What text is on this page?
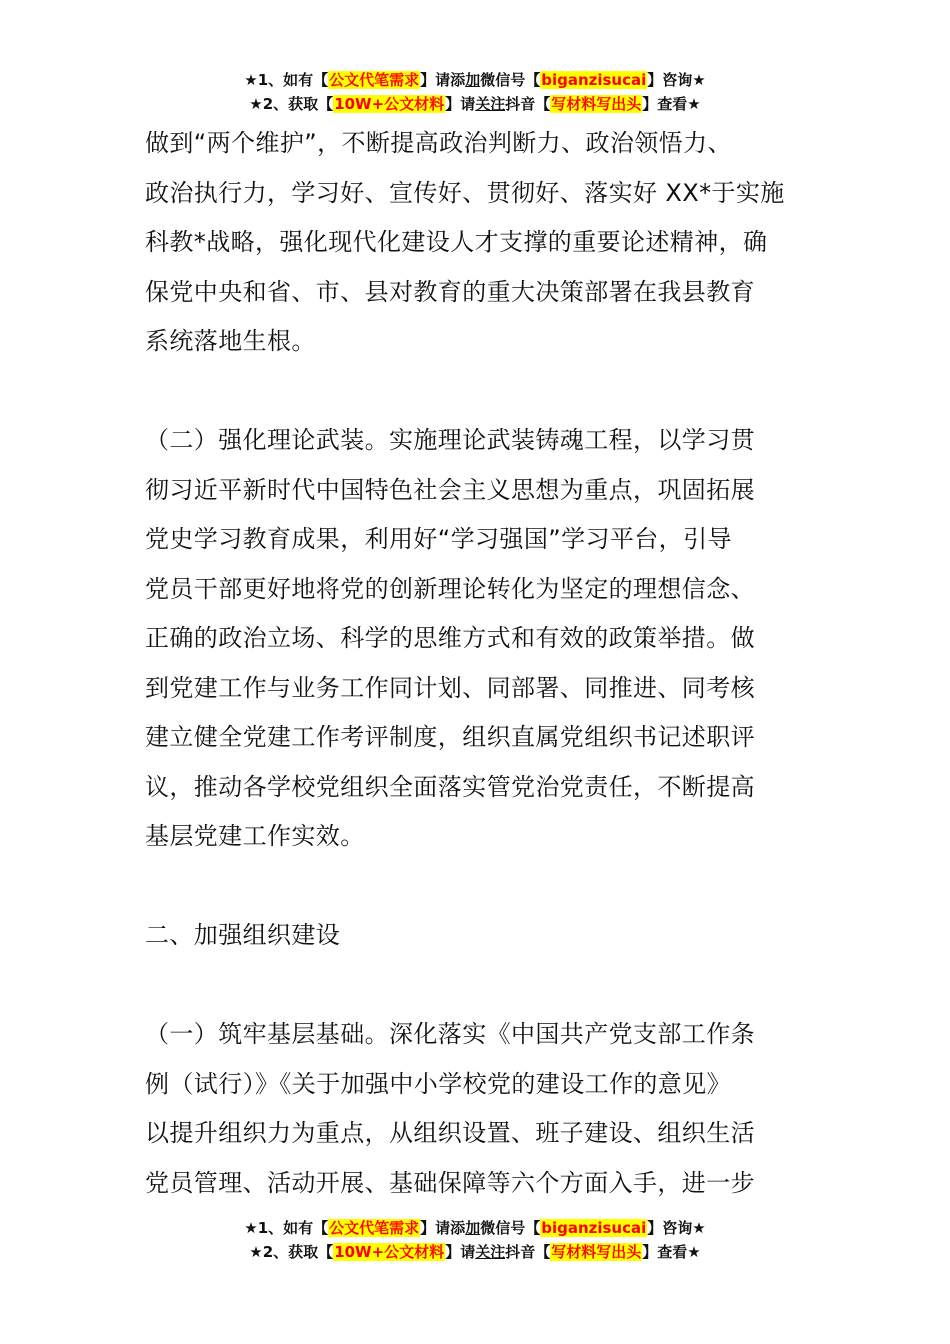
★1、如有【公文代笔需求】请添加微信号【biganzisucai】咨询★
★2、获取【10W+公文材料】请关注抖音【写材料写出头】查看★
做到“两个维护”，不断提高政治判断力、政治领悟力、
政治执行力，学习好、宣传好、贯彻好、落实好 XX*于实施
科教*战略，强化现代化建设人才支撑的重要论述精神，确
保党中央和省、市、县对教育的重大决策部署在我县教育
系统落地生根。
（二）强化理论武装。实施理论武装铸魂工程，以学习贯
彻习近平新时代中国特色社会主义思想为重点，巩固拓展
党史学习教育成果，利用好“学习强国”学习平台，引导
党员干部更好地将党的创新理论转化为坚定的理想信念、
正确的政治立场、科学的思维方式和有效的政策举措。做
到党建工作与业务工作同计划、同部署、同推进、同考核
建立健全党建工作考评制度，组织直属党组织书记述职评
议，推动各学校党组织全面落实管党治党责任，不断提高
基层党建工作实效。
二、加强组织建设
（一）筑牢基层基础。深化落实《中国共产党支部工作条
例（试行）》《关于加强中小学校党的建设工作的意见》
以提升组织力为重点，从组织设置、班子建设、组织生活
党员管理、活动开展、基础保障等六个方面入手，进一步
★1、如有【公文代笔需求】请添加微信号【biganzisucai】咨询★
★2、获取【10W+公文材料】请关注抖音【写材料写出头】查看★
